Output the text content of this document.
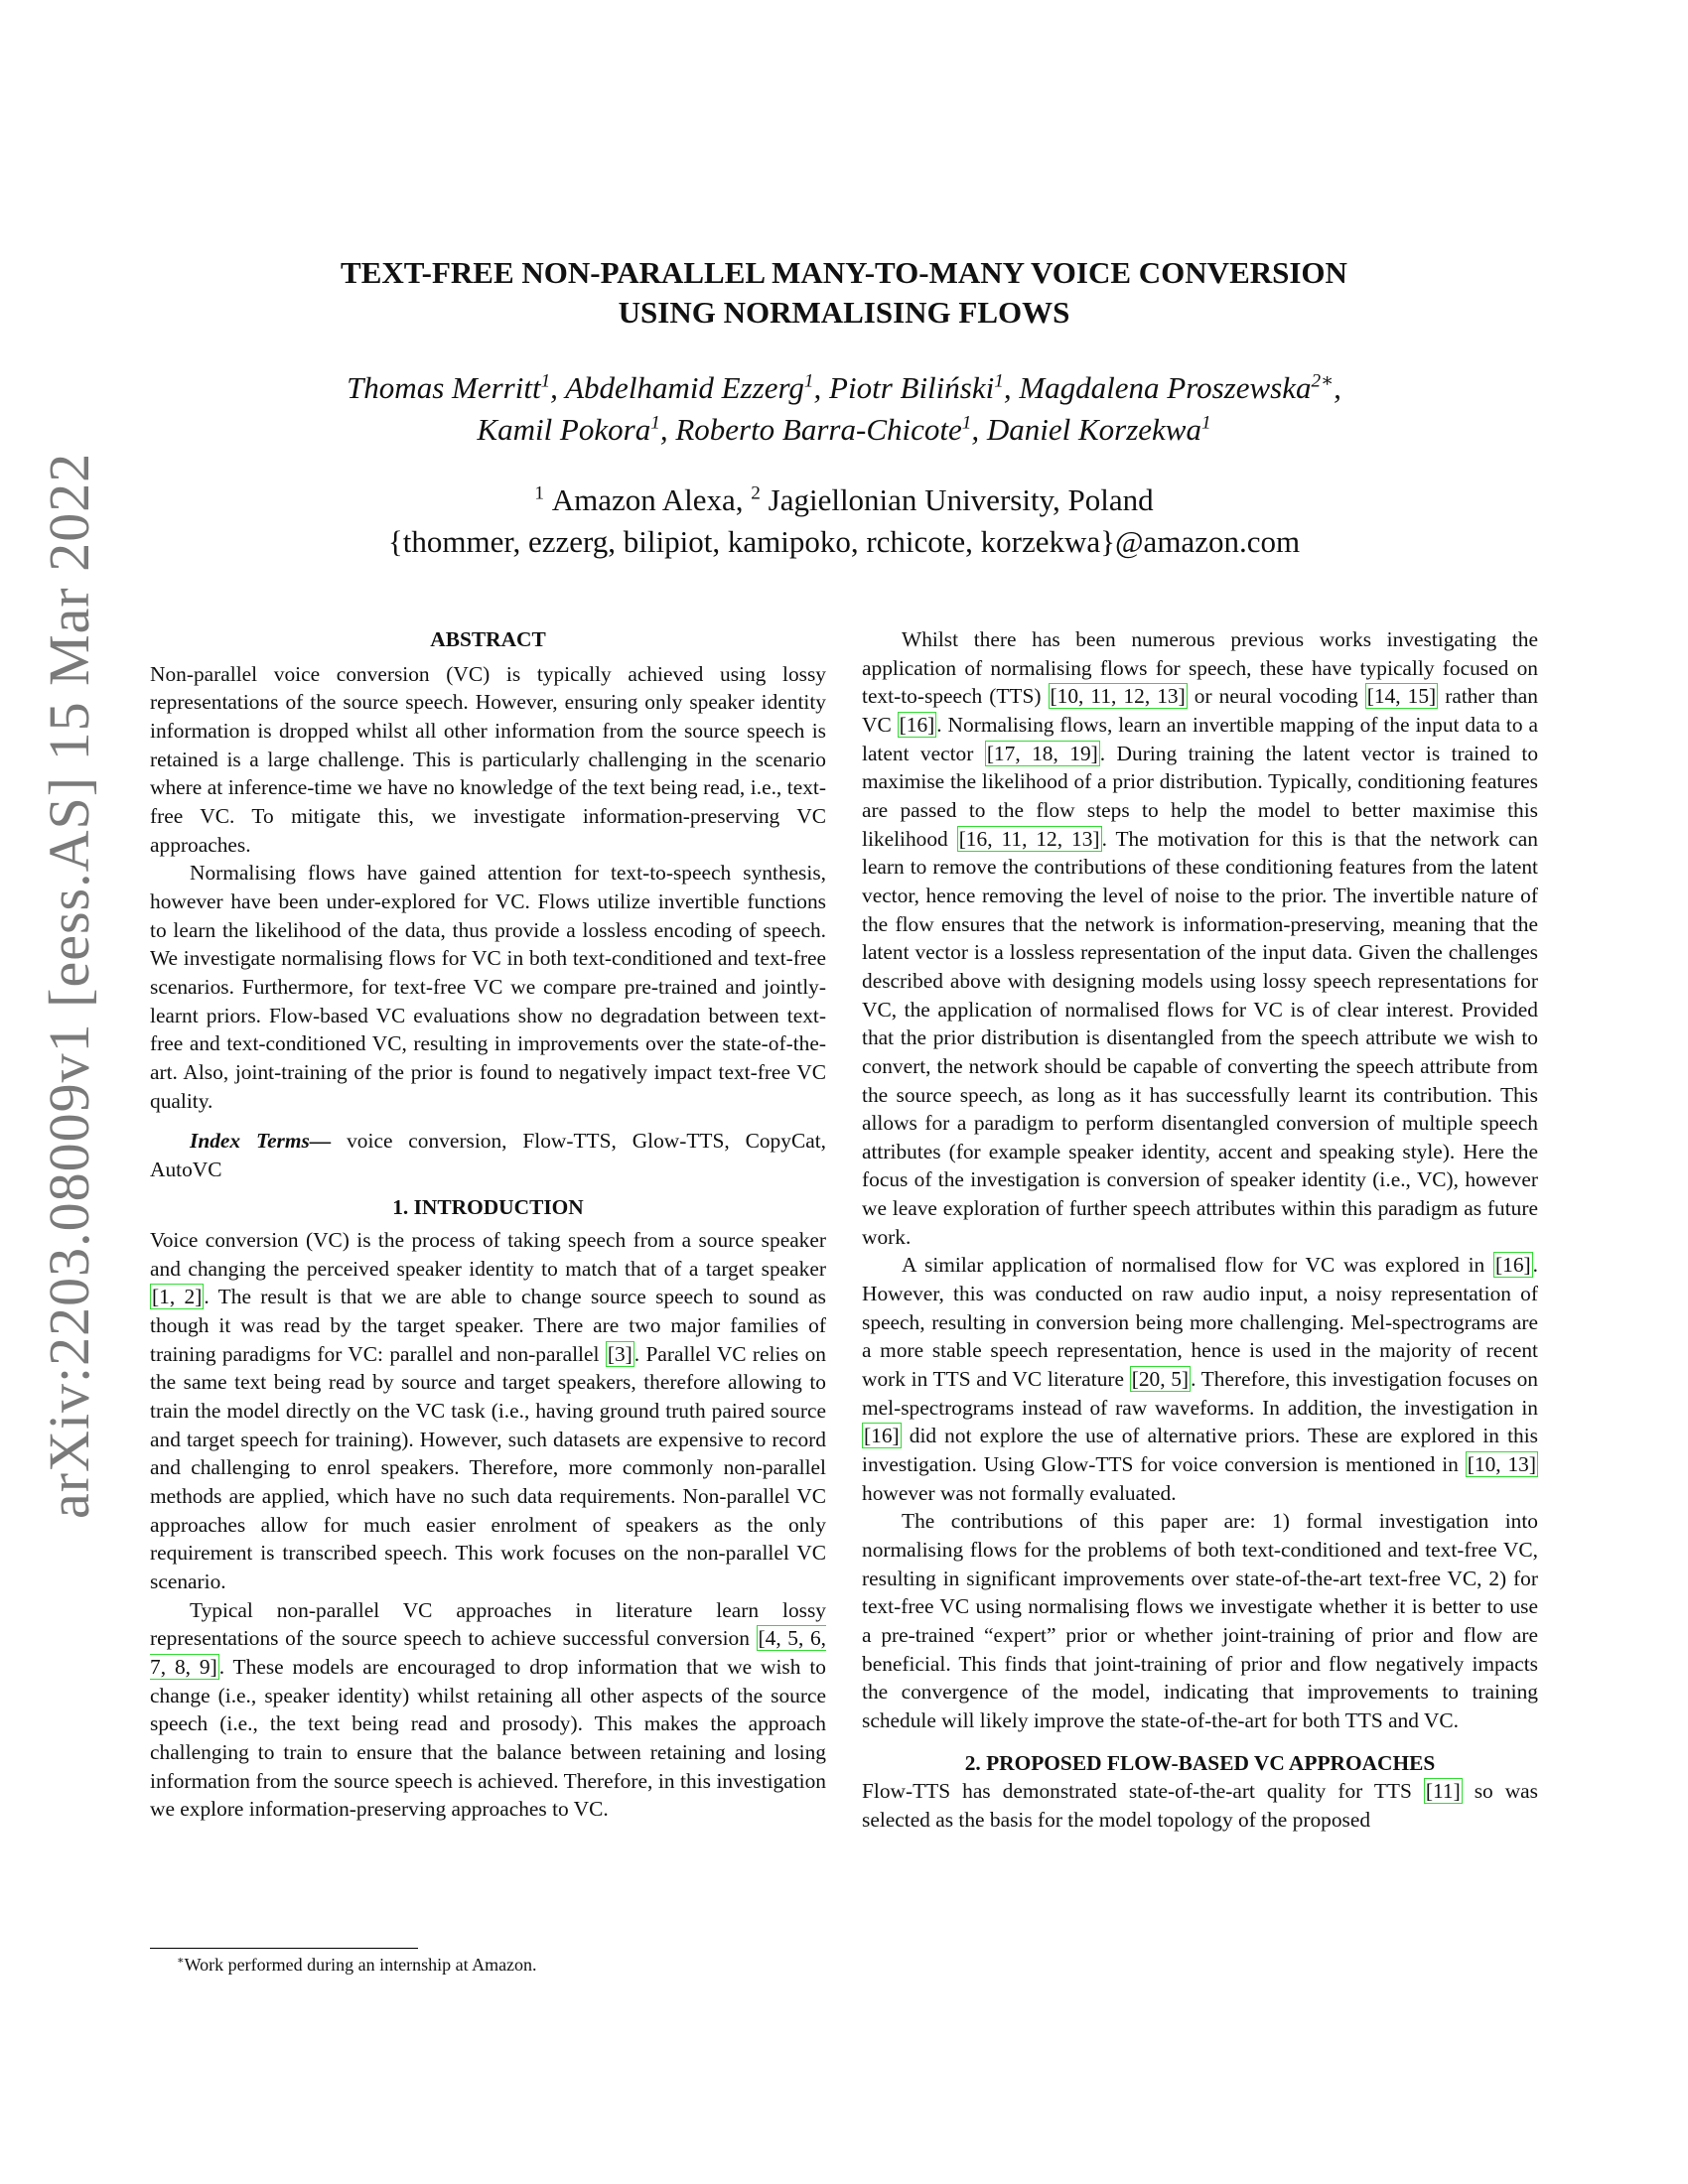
arXiv:2203.08009v1 [eess.AS] 15 Mar 2022
TEXT-FREE NON-PARALLEL MANY-TO-MANY VOICE CONVERSION
USING NORMALISING FLOWS
Thomas Merritt$^1$, Abdelhamid Ezzerg$^1$, Piotr Biliński$^1$, Magdalena Proszewska$^{2∗}$,
Kamil Pokora$^1$, Roberto Barra-Chicote$^1$, Daniel Korzekwa$^1$
$^1$ Amazon Alexa, $^2$ Jagiellonian University, Poland
{thommer, ezzerg, bilipiot, kamipoko, rchicote, korzekwa}@amazon.com
ABSTRACT

Non-parallel voice conversion (VC) is typically achieved using lossy representations of the source speech. However, ensuring only speaker identity information is dropped whilst all other information from the source speech is retained is a large challenge. This is particularly challenging in the scenario where at inference-time we have no knowledge of the text being read, i.e., text-free VC. To mitigate this, we investigate information-preserving VC approaches.

Normalising flows have gained attention for text-to-speech synthesis, however have been under-explored for VC. Flows utilize invertible functions to learn the likelihood of the data, thus provide a lossless encoding of speech. We investigate normalising flows for VC in both text-conditioned and text-free scenarios. Furthermore, for text-free VC we compare pre-trained and jointly-learnt priors. Flow-based VC evaluations show no degradation between text-free and text-conditioned VC, resulting in improvements over the state-of-the-art. Also, joint-training of the prior is found to negatively impact text-free VC quality.

Index Terms— voice conversion, Flow-TTS, Glow-TTS, CopyCat, AutoVC

1. INTRODUCTION

Voice conversion (VC) is the process of taking speech from a source speaker and changing the perceived speaker identity to match that of a target speaker [1, 2]. The result is that we are able to change source speech to sound as though it was read by the target speaker. There are two major families of training paradigms for VC: parallel and non-parallel [3]. Parallel VC relies on the same text being read by source and target speakers, therefore allowing to train the model directly on the VC task (i.e., having ground truth paired source and target speech for training). However, such datasets are expensive to record and challenging to enrol speakers. Therefore, more commonly non-parallel methods are applied, which have no such data requirements. Non-parallel VC approaches allow for much easier enrolment of speakers as the only requirement is transcribed speech. This work focuses on the non-parallel VC scenario.

Typical non-parallel VC approaches in literature learn lossy representations of the source speech to achieve successful conversion [4, 5, 6, 7, 8, 9]. These models are encouraged to drop information that we wish to change (i.e., speaker identity) whilst retaining all other aspects of the source speech (i.e., the text being read and prosody). This makes the approach challenging to train to ensure that the balance between retaining and losing information from the source speech is achieved. Therefore, in this investigation we explore information-preserving approaches to VC.

Whilst there has been numerous previous works investigating the application of normalising flows for speech, these have typically focused on text-to-speech (TTS) [10, 11, 12, 13] or neural vocoding [14, 15] rather than VC [16]. Normalising flows, learn an invertible mapping of the input data to a latent vector [17, 18, 19]. During training the latent vector is trained to maximise the likelihood of a prior distribution. Typically, conditioning features are passed to the flow steps to help the model to better maximise this likelihood [16, 11, 12, 13]. The motivation for this is that the network can learn to remove the contributions of these conditioning features from the latent vector, hence removing the level of noise to the prior. The invertible nature of the flow ensures that the network is information-preserving, meaning that the latent vector is a lossless representation of the input data. Given the challenges described above with designing models using lossy speech representations for VC, the application of normalised flows for VC is of clear interest. Provided that the prior distribution is disentangled from the speech attribute we wish to convert, the network should be capable of converting the speech attribute from the source speech, as long as it has successfully learnt its contribution. This allows for a paradigm to perform disentangled conversion of multiple speech attributes (for example speaker identity, accent and speaking style). Here the focus of the investigation is conversion of speaker identity (i.e., VC), however we leave exploration of further speech attributes within this paradigm as future work.

A similar application of normalised flow for VC was explored in [16]. However, this was conducted on raw audio input, a noisy representation of speech, resulting in conversion being more challenging. Mel-spectrograms are a more stable speech representation, hence is used in the majority of recent work in TTS and VC literature [20, 5]. Therefore, this investigation focuses on mel-spectrograms instead of raw waveforms. In addition, the investigation in [16] did not explore the use of alternative priors. These are explored in this investigation. Using Glow-TTS for voice conversion is mentioned in [10, 13] however was not formally evaluated.

The contributions of this paper are: 1) formal investigation into normalising flows for the problems of both text-conditioned and text-free VC, resulting in significant improvements over state-of-the-art text-free VC, 2) for text-free VC using normalising flows we investigate whether it is better to use a pre-trained “expert” prior or whether joint-training of prior and flow are beneficial. This finds that joint-training of prior and flow negatively impacts the convergence of the model, indicating that improvements to training schedule will likely improve the state-of-the-art for both TTS and VC.

2. PROPOSED FLOW-BASED VC APPROACHES

Flow-TTS has demonstrated state-of-the-art quality for TTS [11] so was selected as the basis for the model topology of the proposed

∗Work performed during an internship at Amazon.
